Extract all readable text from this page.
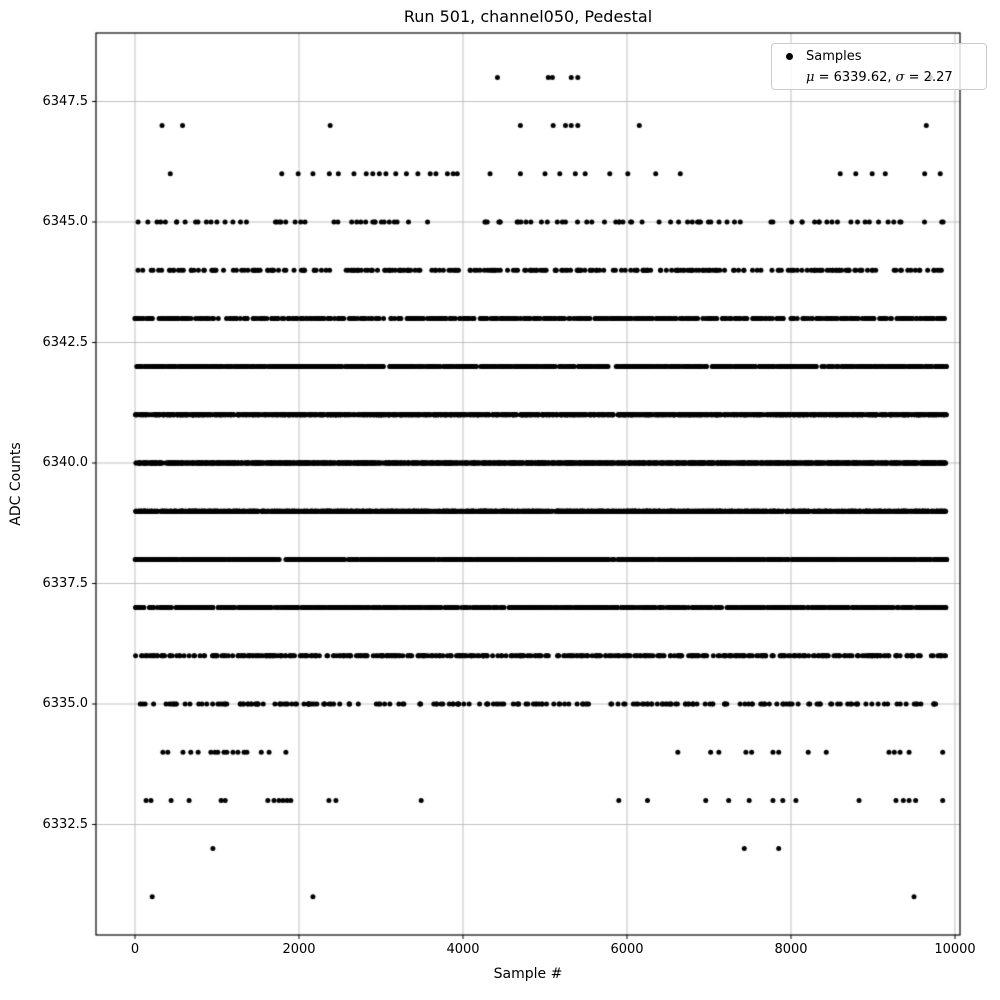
Run 501, channel050, Pedestal
Sample #
ADC Counts
6332.5
6335.0
6337.5
6340.0
6342.5
6345.0
6347.5
0	2000	4000	6000	8000	10000
Samples
μ = 6339.62, σ = 2.27
